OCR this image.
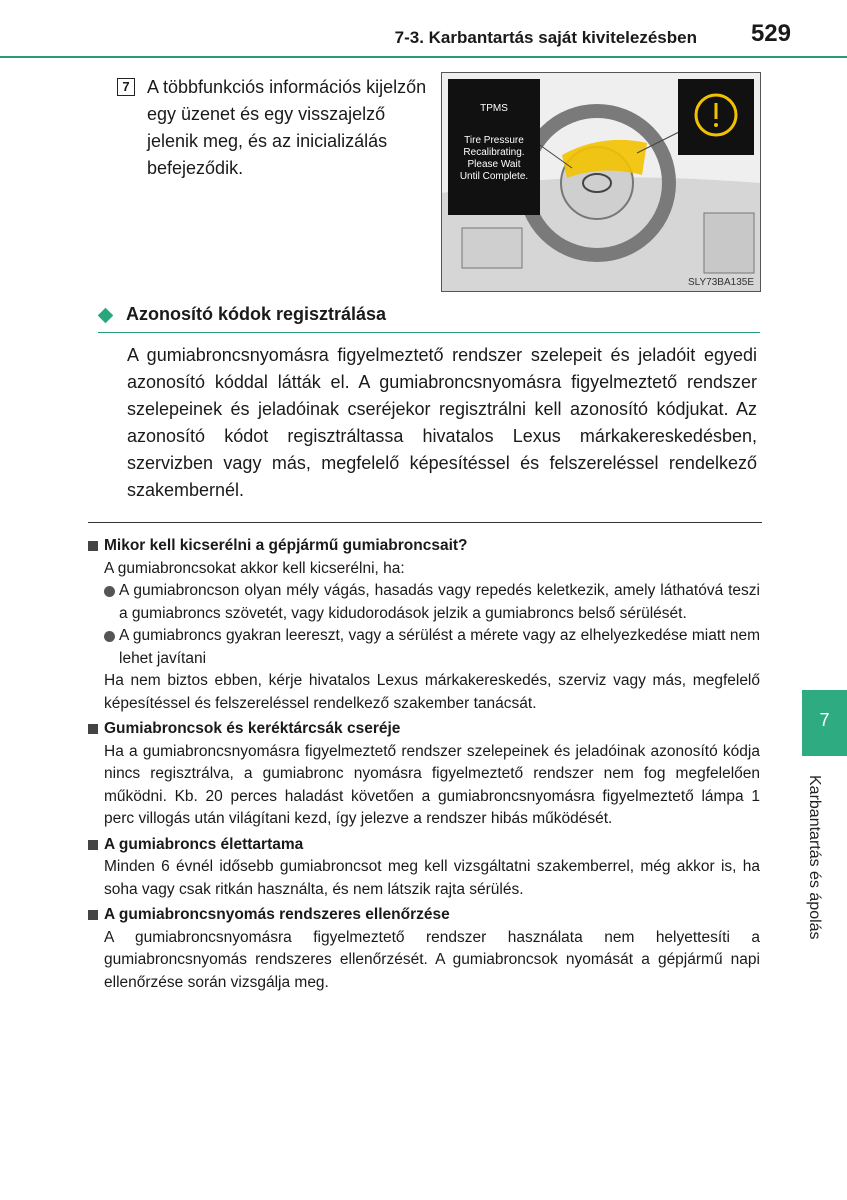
7-3. Karbantartás saját kivitelezésben 529
7 A többfunkciós információs kijelzőn egy üzenet és egy visszajelző jelenik meg, és az inicializálás befejeződik.
TPMS
Tire Pressure
Recalibrating.
Please Wait
Until Complete.
SLY73BA135E
Azonosító kódok regisztrálása
A gumiabroncsnyomásra figyelmeztető rendszer szelepeit és jeladóit egyedi azonosító kóddal látták el. A gumiabroncsnyomásra figyelmeztető rendszer szelepeinek és jeladóinak cseréjekor regisztrálni kell azonosító kódjukat. Az azonosító kódot regisztráltassa hivatalos Lexus márkakereskedésben, szervizben vagy más, megfelelő képesítéssel és felszereléssel rendelkező szakembernél.
Mikor kell kicserélni a gépjármű gumiabroncsait?
A gumiabroncsokat akkor kell kicserélni, ha:
A gumiabroncson olyan mély vágás, hasadás vagy repedés keletkezik, amely láthatóvá teszi a gumiabroncs szövetét, vagy kidudorodások jelzik a gumiabroncs belső sérülését.
A gumiabroncs gyakran leereszt, vagy a sérülést a mérete vagy az elhelyezkedése miatt nem lehet javítani
Ha nem biztos ebben, kérje hivatalos Lexus márkakereskedés, szerviz vagy más, megfelelő képesítéssel és felszereléssel rendelkező szakember tanácsát.
Gumiabroncsok és keréktárcsák cseréje
Ha a gumiabroncsnyomásra figyelmeztető rendszer szelepeinek és jeladóinak azonosító kódja nincs regisztrálva, a gumiabronc nyomásra figyelmeztető rendszer nem fog megfelelően működni. Kb. 20 perces haladást követően a gumiabroncsnyomásra figyelmeztető lámpa 1 perc villogás után világítani kezd, így jelezve a rendszer hibás működését.
A gumiabroncs élettartama
Minden 6 évnél idősebb gumiabroncsot meg kell vizsgáltatni szakemberrel, még akkor is, ha soha vagy csak ritkán használta, és nem látszik rajta sérülés.
A gumiabroncsnyomás rendszeres ellenőrzése
A gumiabroncsnyomásra figyelmeztető rendszer használata nem helyettesíti a gumiabroncsnyomás rendszeres ellenőrzését. A gumiabroncsok nyomását a gépjármű napi ellenőrzése során vizsgálja meg.
7
Karbantartás és ápolás
